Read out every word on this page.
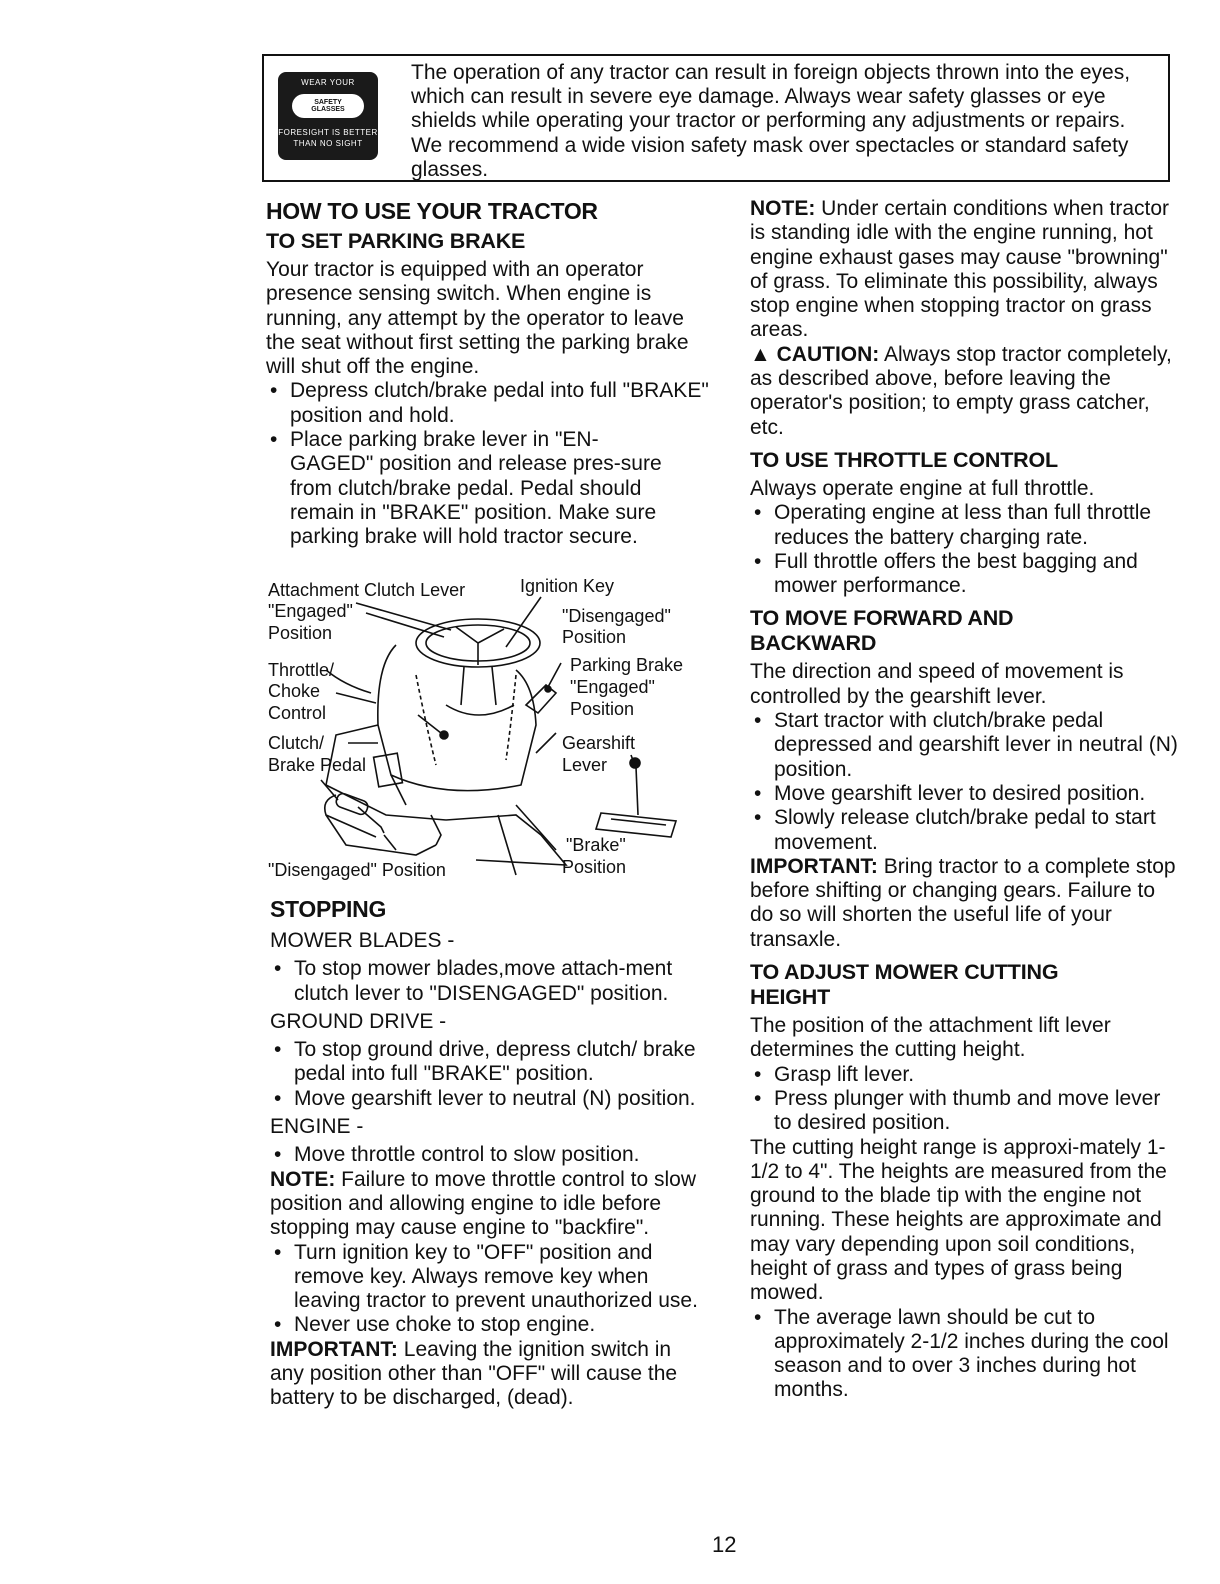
WEAR YOUR
SAFETY GLASSES
FORESIGHT IS BETTER
THAN NO SIGHT
The operation of any tractor can result in foreign objects thrown into the eyes, which can result in severe eye damage. Always wear safety glasses or eye shields while operating your tractor or performing any adjustments or repairs. We recommend a wide vision safety mask over spectacles or standard safety glasses.
HOW TO USE YOUR TRACTOR
TO SET PARKING BRAKE

Your tractor is equipped with an operator presence sensing switch. When engine is running, any attempt by the operator to leave the seat without first setting the parking brake will shut off the engine.

• Depress clutch/brake pedal into full "BRAKE" position and hold.
• Place parking brake lever in "EN-GAGED" position and release pres-sure from clutch/brake pedal. Pedal should remain in "BRAKE" position. Make sure parking brake will hold tractor secure.
Attachment Clutch Lever	Ignition Key
"Engaged"
Position
"Disengaged"
Position
Throttle/
Choke
Control
Parking Brake
"Engaged"
Position
Clutch/
Brake Pedal
Gearshift
Lever
"Brake"
Position
"Disengaged" Position
STOPPING

MOWER BLADES -

• To stop mower blades,move attach-ment clutch lever to "DISENGAGED" position.

GROUND DRIVE -

• To stop ground drive, depress clutch/ brake pedal into full "BRAKE" position.
• Move gearshift lever to neutral (N) position.

ENGINE -

• Move throttle control to slow position.

NOTE: Failure to move throttle control to slow position and allowing engine to idle before stopping may cause engine to "backfire".

• Turn ignition key to "OFF" position and remove key. Always remove key when leaving tractor to prevent unauthorized use.
• Never use choke to stop engine.

IMPORTANT: Leaving the ignition switch in any position other than "OFF" will cause the battery to be discharged, (dead).

NOTE: Under certain conditions when tractor is standing idle with the engine running, hot engine exhaust gases may cause "browning" of grass. To eliminate this possibility, always stop engine when stopping tractor on grass areas.

▲ CAUTION: Always stop tractor completely, as described above, before leaving the operator's position; to empty grass catcher, etc.

TO USE THROTTLE CONTROL

Always operate engine at full throttle.

• Operating engine at less than full throttle reduces the battery charging rate.
• Full throttle offers the best bagging and mower performance.
TO MOVE FORWARD AND BACKWARD

The direction and speed of movement is controlled by the gearshift lever.

• Start tractor with clutch/brake pedal depressed and gearshift lever in neutral (N) position.
• Move gearshift lever to desired position.
• Slowly release clutch/brake pedal to start movement.

IMPORTANT: Bring tractor to a complete stop before shifting or changing gears. Failure to do so will shorten the useful life of your transaxle.

TO ADJUST MOWER CUTTING HEIGHT

The position of the attachment lift lever determines the cutting height.

• Grasp lift lever.
• Press plunger with thumb and move lever to desired position.

The cutting height range is approxi-mately 1-1/2 to 4". The heights are measured from the ground to the blade tip with the engine not running. These heights are approximate and may vary depending upon soil conditions, height of grass and types of grass being mowed.

• The average lawn should be cut to approximately 2-1/2 inches during the cool season and to over 3 inches during hot months.
12
